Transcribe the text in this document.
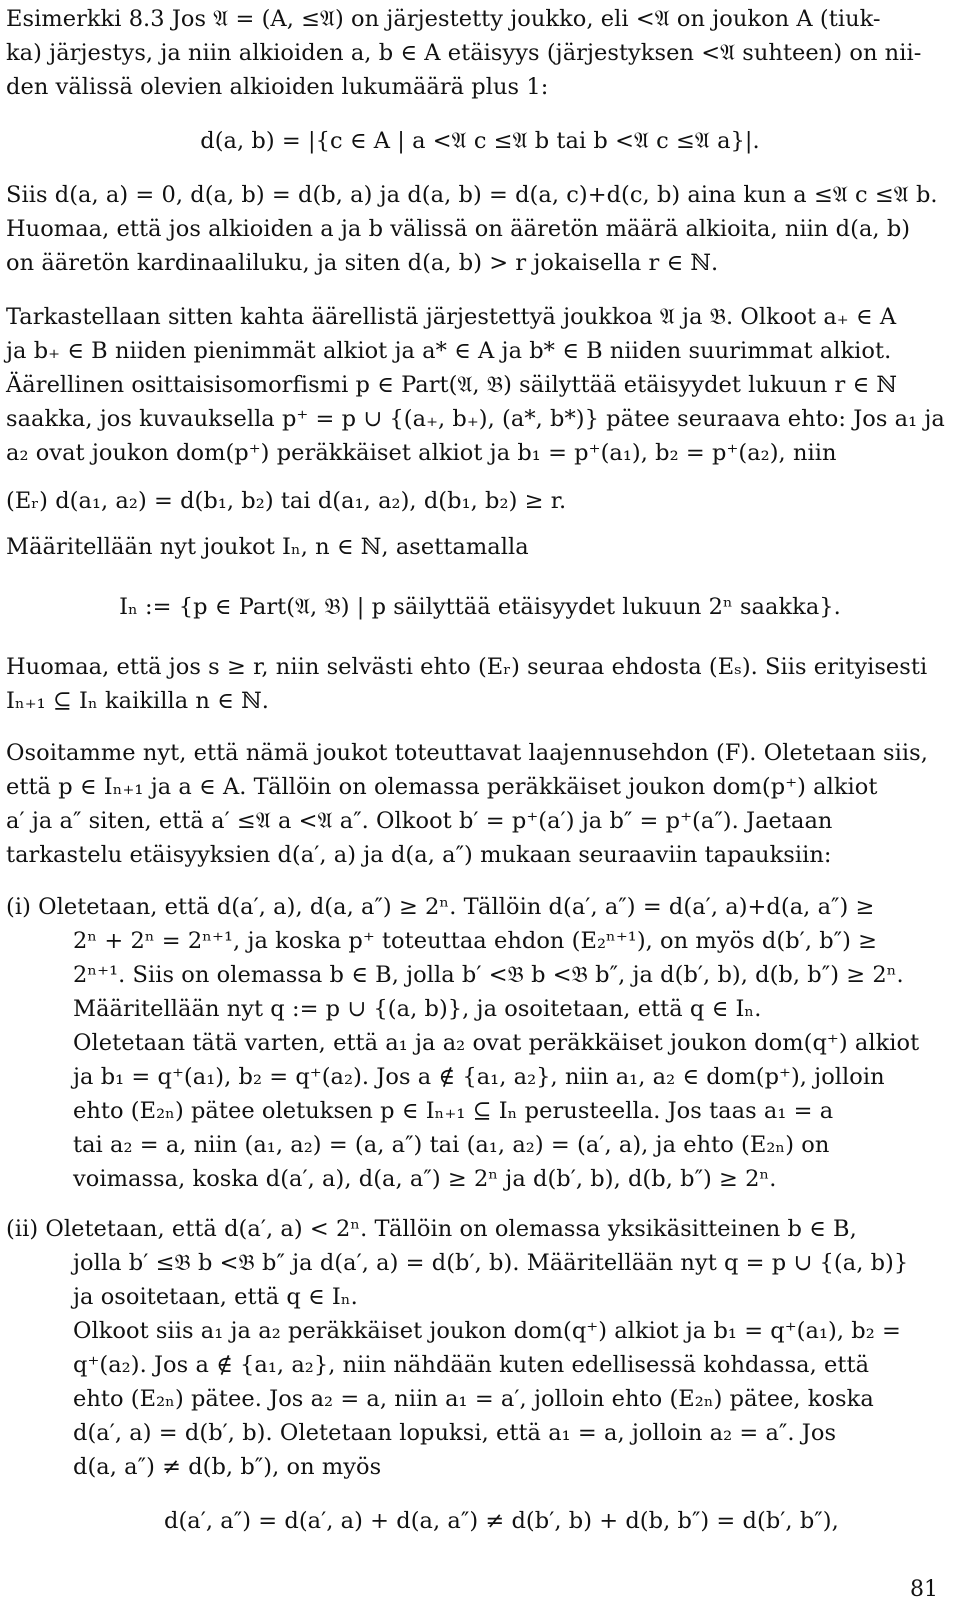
Esimerkki 8.3 Jos 𝔄 = (A, ≤𝔄) on järjestetty joukko, eli <𝔄 on joukon A (tiuk-
ka) järjestys, ja niin alkioiden a, b ∈ A etäisyys (järjestyksen <𝔄 suhteen) on nii-
den välissä olevien alkioiden lukumäärä plus 1:
d(a, b) = |{c ∈ A | a <𝔄 c ≤𝔄 b tai b <𝔄 c ≤𝔄 a}|.
Siis d(a, a) = 0, d(a, b) = d(b, a) ja d(a, b) = d(a, c)+d(c, b) aina kun a ≤𝔄 c ≤𝔄 b.
Huomaa, että jos alkioiden a ja b välissä on ääretön määrä alkioita, niin d(a, b)
on ääretön kardinaaliluku, ja siten d(a, b) > r jokaisella r ∈ ℕ.
Tarkastellaan sitten kahta äärellistä järjestettyä joukkoa 𝔄 ja 𝔅. Olkoot a₊ ∈ A
ja b₊ ∈ B niiden pienimmät alkiot ja a* ∈ A ja b* ∈ B niiden suurimmat alkiot.
Äärellinen osittaisisomorfismi p ∈ Part(𝔄, 𝔅) säilyttää etäisyydet lukuun r ∈ ℕ
saakka, jos kuvauksella p⁺ = p ∪ {(a₊, b₊), (a*, b*)} pätee seuraava ehto: Jos a₁ ja
a₂ ovat joukon dom(p⁺) peräkkäiset alkiot ja b₁ = p⁺(a₁), b₂ = p⁺(a₂), niin
(Eᵣ) d(a₁, a₂) = d(b₁, b₂) tai d(a₁, a₂), d(b₁, b₂) ≥ r.
Määritellään nyt joukot Iₙ, n ∈ ℕ, asettamalla
Iₙ := {p ∈ Part(𝔄, 𝔅) | p säilyttää etäisyydet lukuun 2ⁿ saakka}.
Huomaa, että jos s ≥ r, niin selvästi ehto (Eᵣ) seuraa ehdosta (Eₛ). Siis erityisesti
Iₙ₊₁ ⊆ Iₙ kaikilla n ∈ ℕ.
Osoitamme nyt, että nämä joukot toteuttavat laajennusehdon (F). Oletetaan siis,
että p ∈ Iₙ₊₁ ja a ∈ A. Tällöin on olemassa peräkkäiset joukon dom(p⁺) alkiot
a′ ja a″ siten, että a′ ≤𝔄 a <𝔄 a″. Olkoot b′ = p⁺(a′) ja b″ = p⁺(a″). Jaetaan
tarkastelu etäisyyksien d(a′, a) ja d(a, a″) mukaan seuraaviin tapauksiin:
(i) Oletetaan, että d(a′, a), d(a, a″) ≥ 2ⁿ. Tällöin d(a′, a″) = d(a′, a)+d(a, a″) ≥
2ⁿ + 2ⁿ = 2ⁿ⁺¹, ja koska p⁺ toteuttaa ehdon (E₂ⁿ⁺¹), on myös d(b′, b″) ≥
2ⁿ⁺¹. Siis on olemassa b ∈ B, jolla b′ <𝔅 b <𝔅 b″, ja d(b′, b), d(b, b″) ≥ 2ⁿ.
Määritellään nyt q := p ∪ {(a, b)}, ja osoitetaan, että q ∈ Iₙ.
Oletetaan tätä varten, että a₁ ja a₂ ovat peräkkäiset joukon dom(q⁺) alkiot
ja b₁ = q⁺(a₁), b₂ = q⁺(a₂). Jos a ∉ {a₁, a₂}, niin a₁, a₂ ∈ dom(p⁺), jolloin
ehto (E₂ₙ) pätee oletuksen p ∈ Iₙ₊₁ ⊆ Iₙ perusteella. Jos taas a₁ = a
tai a₂ = a, niin (a₁, a₂) = (a, a″) tai (a₁, a₂) = (a′, a), ja ehto (E₂ₙ) on
voimassa, koska d(a′, a), d(a, a″) ≥ 2ⁿ ja d(b′, b), d(b, b″) ≥ 2ⁿ.
(ii) Oletetaan, että d(a′, a) < 2ⁿ. Tällöin on olemassa yksikäsitteinen b ∈ B,
jolla b′ ≤𝔅 b <𝔅 b″ ja d(a′, a) = d(b′, b). Määritellään nyt q = p ∪ {(a, b)}
ja osoitetaan, että q ∈ Iₙ.
Olkoot siis a₁ ja a₂ peräkkäiset joukon dom(q⁺) alkiot ja b₁ = q⁺(a₁), b₂ =
q⁺(a₂). Jos a ∉ {a₁, a₂}, niin nähdään kuten edellisessä kohdassa, että
ehto (E₂ₙ) pätee. Jos a₂ = a, niin a₁ = a′, jolloin ehto (E₂ₙ) pätee, koska
d(a′, a) = d(b′, b). Oletetaan lopuksi, että a₁ = a, jolloin a₂ = a″. Jos
d(a, a″) ≠ d(b, b″), on myös
d(a′, a″) = d(a′, a) + d(a, a″) ≠ d(b′, b) + d(b, b″) = d(b′, b″),
81
